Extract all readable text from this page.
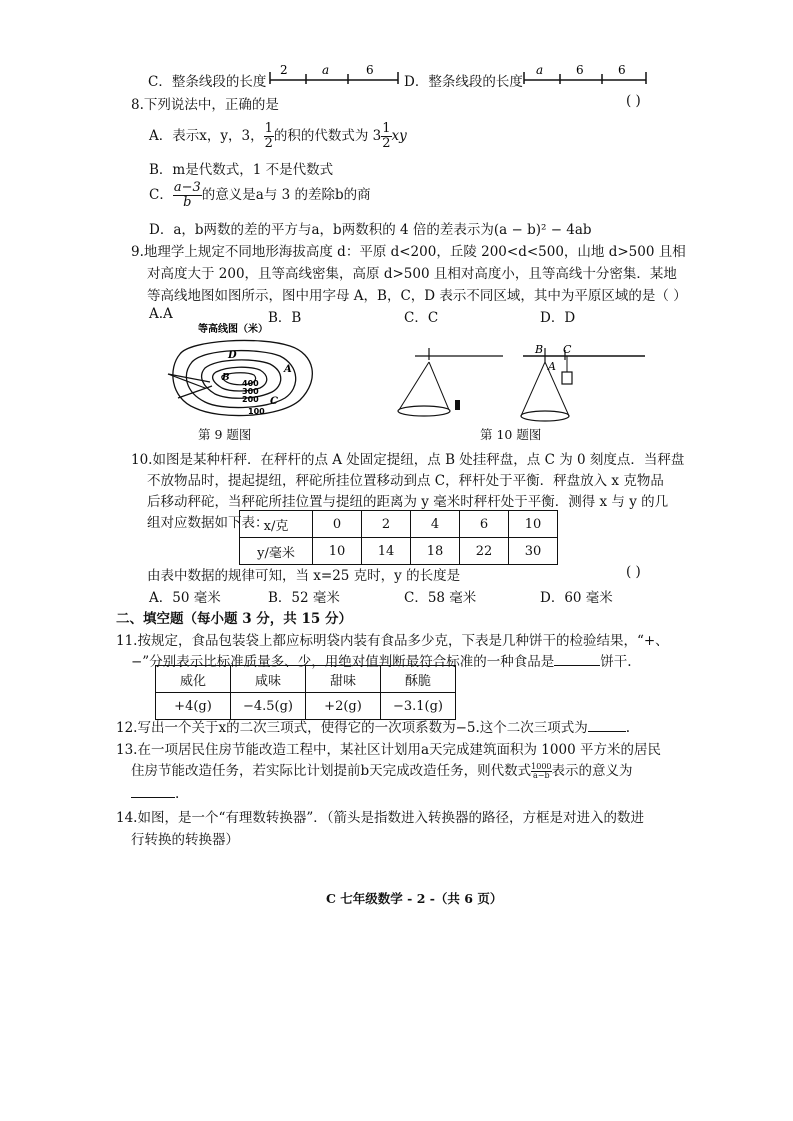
C．整条线段的长度
2	a	6
D．整条线段的长度
a	6	6
8.下列说法中，正确的是	( )
A．表示x，y，3， $\frac{1}{2}$ 的积的代数式为 $3 \frac{1}{2}$ xy
B．m是代数式，1 不是代数式
C． $\frac{a-3}{b}$ 的意义是a与 3 的差除b的商
D．a，b两数的差的平方与a，b两数积的 4 倍的差表示为(a − b)² − 4ab
9.地理学上规定不同地形海拔高度 d：平原 d<200，丘陵 200<d<500，山地 d>500 且相
对高度大于 200，且等高线密集，高原 d>500 且相对高度小，且等高线十分密集．某地
等高线地图如图所示，图中用字母 A，B，C，D 表示不同区域，其中为平原区域的是（ ）
A.A	B．B	C．C	D．D
等高线图（米）
D
B
A
C
400
300
200
100
第 9 题图
B C
A
第 10 题图
10.如图是某种杆秤．在秤杆的点 A 处固定提纽，点 B 处挂秤盘，点 C 为 0 刻度点．当秤盘
不放物品时，提起提纽，秤砣所挂位置移动到点 C，秤杆处于平衡．秤盘放入 x 克物品
后移动秤砣，当秤砣所挂位置与提纽的距离为 y 毫米时秤杆处于平衡．测得 x 与 y 的几
组对应数据如下表：
x/克	0	2	4	6	10
y/毫米	10	14	18	22	30
由表中数据的规律可知，当 x=25 克时，y 的长度是	( )
A．50 毫米	B．52 毫米	C．58 毫米	D．60 毫米
二、填空题（每小题 3 分，共 15 分）
11.按规定，食品包装袋上都应标明袋内装有食品多少克，下表是几种饼干的检验结果，“+、
−”分别表示比标准质量多、少，用绝对值判断最符合标准的一种食品是	饼干.
威化	咸味	甜味	酥脆
+4(g)	−4.5(g)	+2(g)	−3.1(g)
12.写出一个关于x的二次三项式，使得它的一次项系数为−5.这个二次三项式为	.
13.在一项居民住房节能改造工程中，某社区计划用a天完成建筑面积为 1000 平方米的居民
住房节能改造任务，若实际比计划提前b天完成改造任务，则代数式 $\frac{1000}{a-b}$ 表示的意义为
.
14.如图，是一个“有理数转换器”．（箭头是指数进入转换器的路径，方框是对进入的数进
行转换的转换器）
C 七年级数学 - 2 -（共 6 页）
